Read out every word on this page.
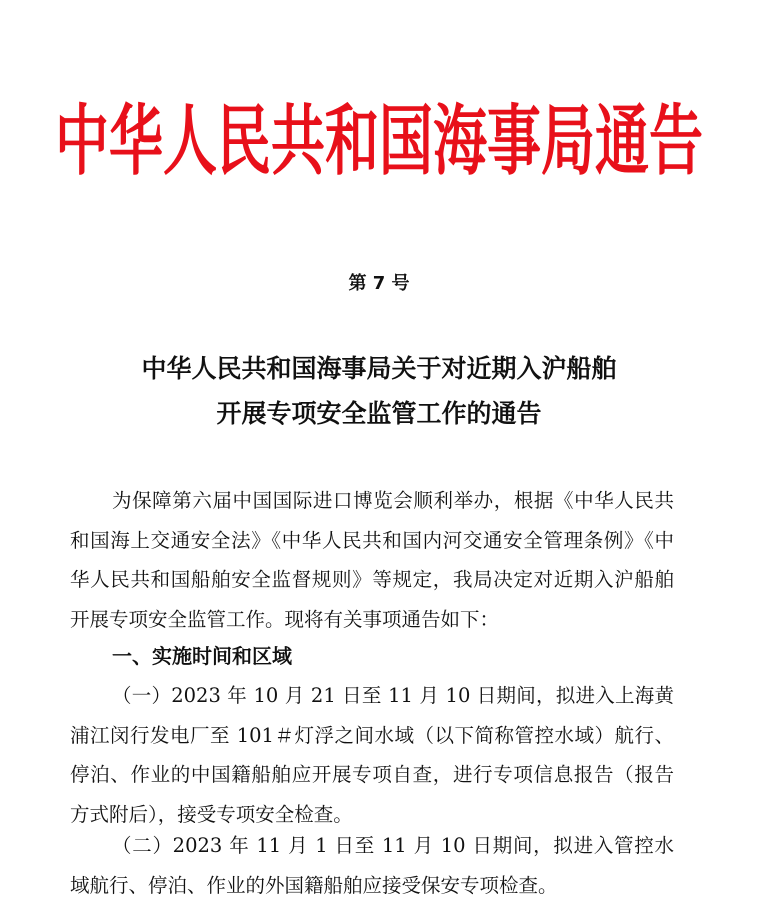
中华人民共和国海事局通告
第 7 号
中华人民共和国海事局关于对近期入沪船舶
开展专项安全监管工作的通告
为保障第六届中国国际进口博览会顺利举办，根据《中华人民共和国海上交通安全法》《中华人民共和国内河交通安全管理条例》《中华人民共和国船舶安全监督规则》等规定，我局决定对近期入沪船舶开展专项安全监管工作。现将有关事项通告如下：
一、实施时间和区域
（一）2023 年 10 月 21 日至 11 月 10 日期间，拟进入上海黄浦江闵行发电厂至 101＃灯浮之间水域（以下简称管控水域）航行、停泊、作业的中国籍船舶应开展专项自查，进行专项信息报告（报告方式附后），接受专项安全检查。
（二）2023 年 11 月 1 日至 11 月 10 日期间，拟进入管控水域航行、停泊、作业的外国籍船舶应接受保安专项检查。
